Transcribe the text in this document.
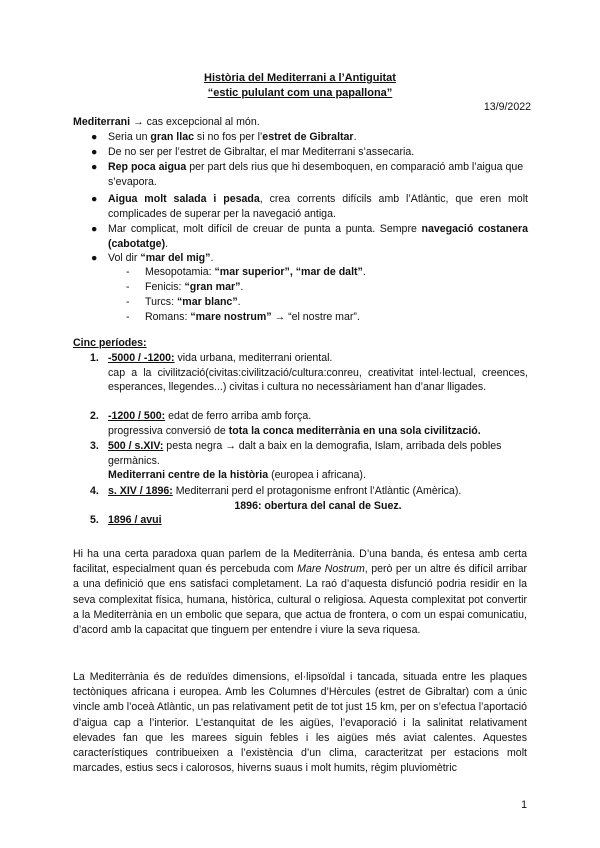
Història del Mediterrani a l’Antiguitat
“estic pululant com una papallona”
13/9/2022
Mediterrani → cas excepcional al món.
● Seria un gran llac si no fos per l’estret de Gibraltar.
● De no ser per l’estret de Gibraltar, el mar Mediterrani s’assecaria.
● Rep poca aigua per part dels rius que hi desemboquen, en comparació amb l’aigua que s’evapora.
● Aigua molt salada i pesada, crea corrents difícils amb l’Atlàntic, que eren molt complicades de superar per la navegació antiga.
● Mar complicat, molt difícil de creuar de punta a punta. Sempre navegació costanera (cabotatge).
● Vol dir “mar del mig”.
- Mesopotamia: “mar superior”, “mar de dalt”.
- Fenicis: “gran mar”.
- Turcs: “mar blanc”.
- Romans: “mare nostrum” → “el nostre mar”.
Cinc períodes:
1. -5000 / -1200: vida urbana, mediterrani oriental.
cap a la civilització(civitas:civilització/cultura:conreu, creativitat intel·lectual, creences, esperances, llegendes...) civitas i cultura no necessàriament han d’anar lligades.
2. -1200 / 500: edat de ferro arriba amb força.
progressiva conversió de tota la conca mediterrània en una sola civilització.
3. 500 / s.XIV: pesta negra → dalt a baix en la demografia, Islam, arribada dels pobles germànics.
Mediterrani centre de la història (europea i africana).
4. s. XIV / 1896: Mediterrani perd el protagonisme enfront l’Atlàntic (Amèrica).
1896: obertura del canal de Suez.
5. 1896 / avui
Hi ha una certa paradoxa quan parlem de la Mediterrània. D’una banda, és entesa amb certa facilitat, especialment quan és percebuda com Mare Nostrum, però per un altre és difícil arribar a una definició que ens satisfaci completament. La raó d’aquesta disfunció podria residir en la seva complexitat física, humana, històrica, cultural o religiosa. Aquesta complexitat pot convertir a la Mediterrània en un embolic que separa, que actua de frontera, o com un espai comunicatiu, d’acord amb la capacitat que tinguem per entendre i viure la seva riquesa.
La Mediterrània és de reduïdes dimensions, el·lipsoïdal i tancada, situada entre les plaques tectòniques africana i europea. Amb les Columnes d’Hèrcules (estret de Gibraltar) com a únic vincle amb l’oceà Atlàntic, un pas relativament petit de tot just 15 km, per on s’efectua l’aportació d’aigua cap a l’interior. L’estanquitat de les aigües, l’evaporació i la salinitat relativament elevades fan que les marees siguin febles i les aigües més aviat calentes. Aquestes característiques contribueixen a l’existència d’un clima, caracteritzat per estacions molt marcades, estius secs i calorosos, hiverns suaus i molt humits, règim pluviomètric
1
